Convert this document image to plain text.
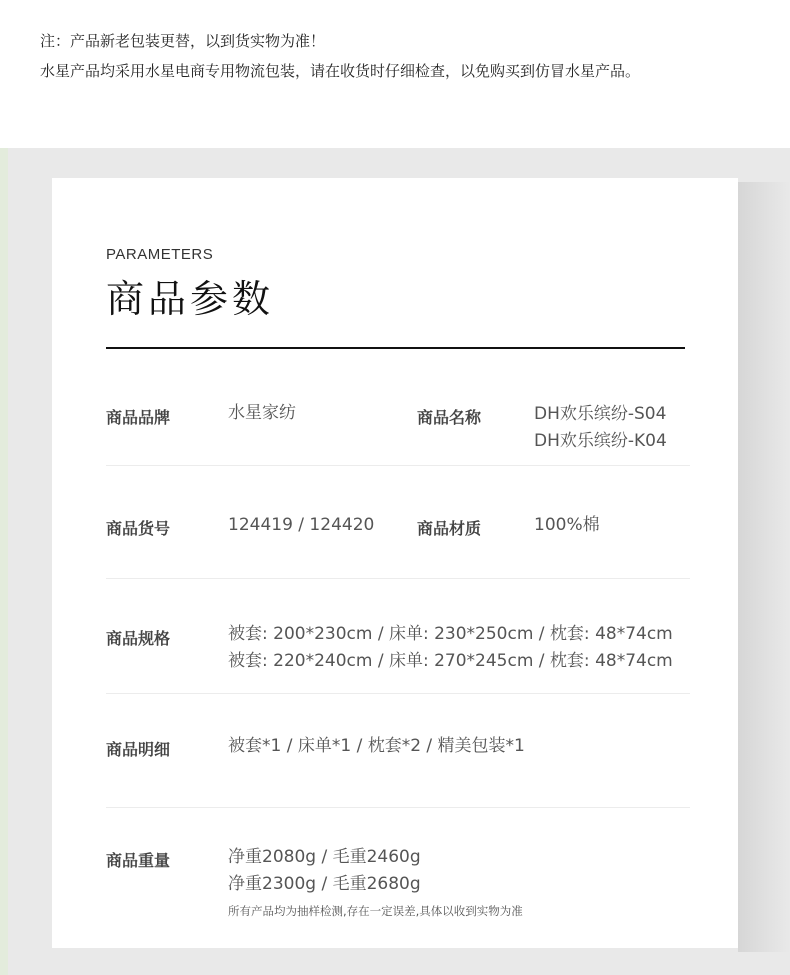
注：产品新老包装更替，以到货实物为准！
水星产品均采用水星电商专用物流包装，请在收货时仔细检查，以免购买到仿冒水星产品。
PARAMETERS
商品参数
商品品牌	水星家纺	商品名称	DH欢乐缤纷-S04
DH欢乐缤纷-K04
商品货号	124419 / 124420	商品材质	100%棉
商品规格	被套: 200*230cm / 床单: 230*250cm / 枕套: 48*74cm
被套: 220*240cm / 床单: 270*245cm / 枕套: 48*74cm
商品明细	被套*1 / 床单*1 / 枕套*2 / 精美包装*1
商品重量	净重2080g / 毛重2460g
净重2300g / 毛重2680g
所有产品均为抽样检测,存在一定误差,具体以收到实物为准
